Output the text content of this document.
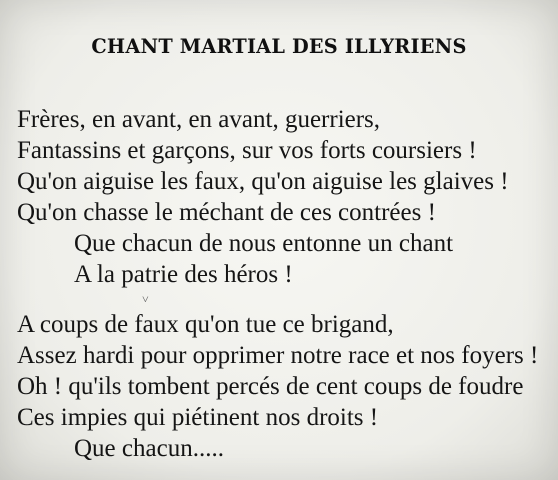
CHANT MARTIAL DES ILLYRIENS
Frères, en avant, en avant, guerriers,
Fantassins et garçons, sur vos forts coursiers !
Qu'on aiguise les faux, qu'on aiguise les glaives !
Qu'on chasse le méchant de ces contrées !
Que chacun de nous entonne un chant
A la patrie des héros !
˅
A coups de faux qu'on tue ce brigand,
Assez hardi pour opprimer notre race et nos foyers !
Oh ! qu'ils tombent percés de cent coups de foudre
Ces impies qui piétinent nos droits !
Que chacun.....
